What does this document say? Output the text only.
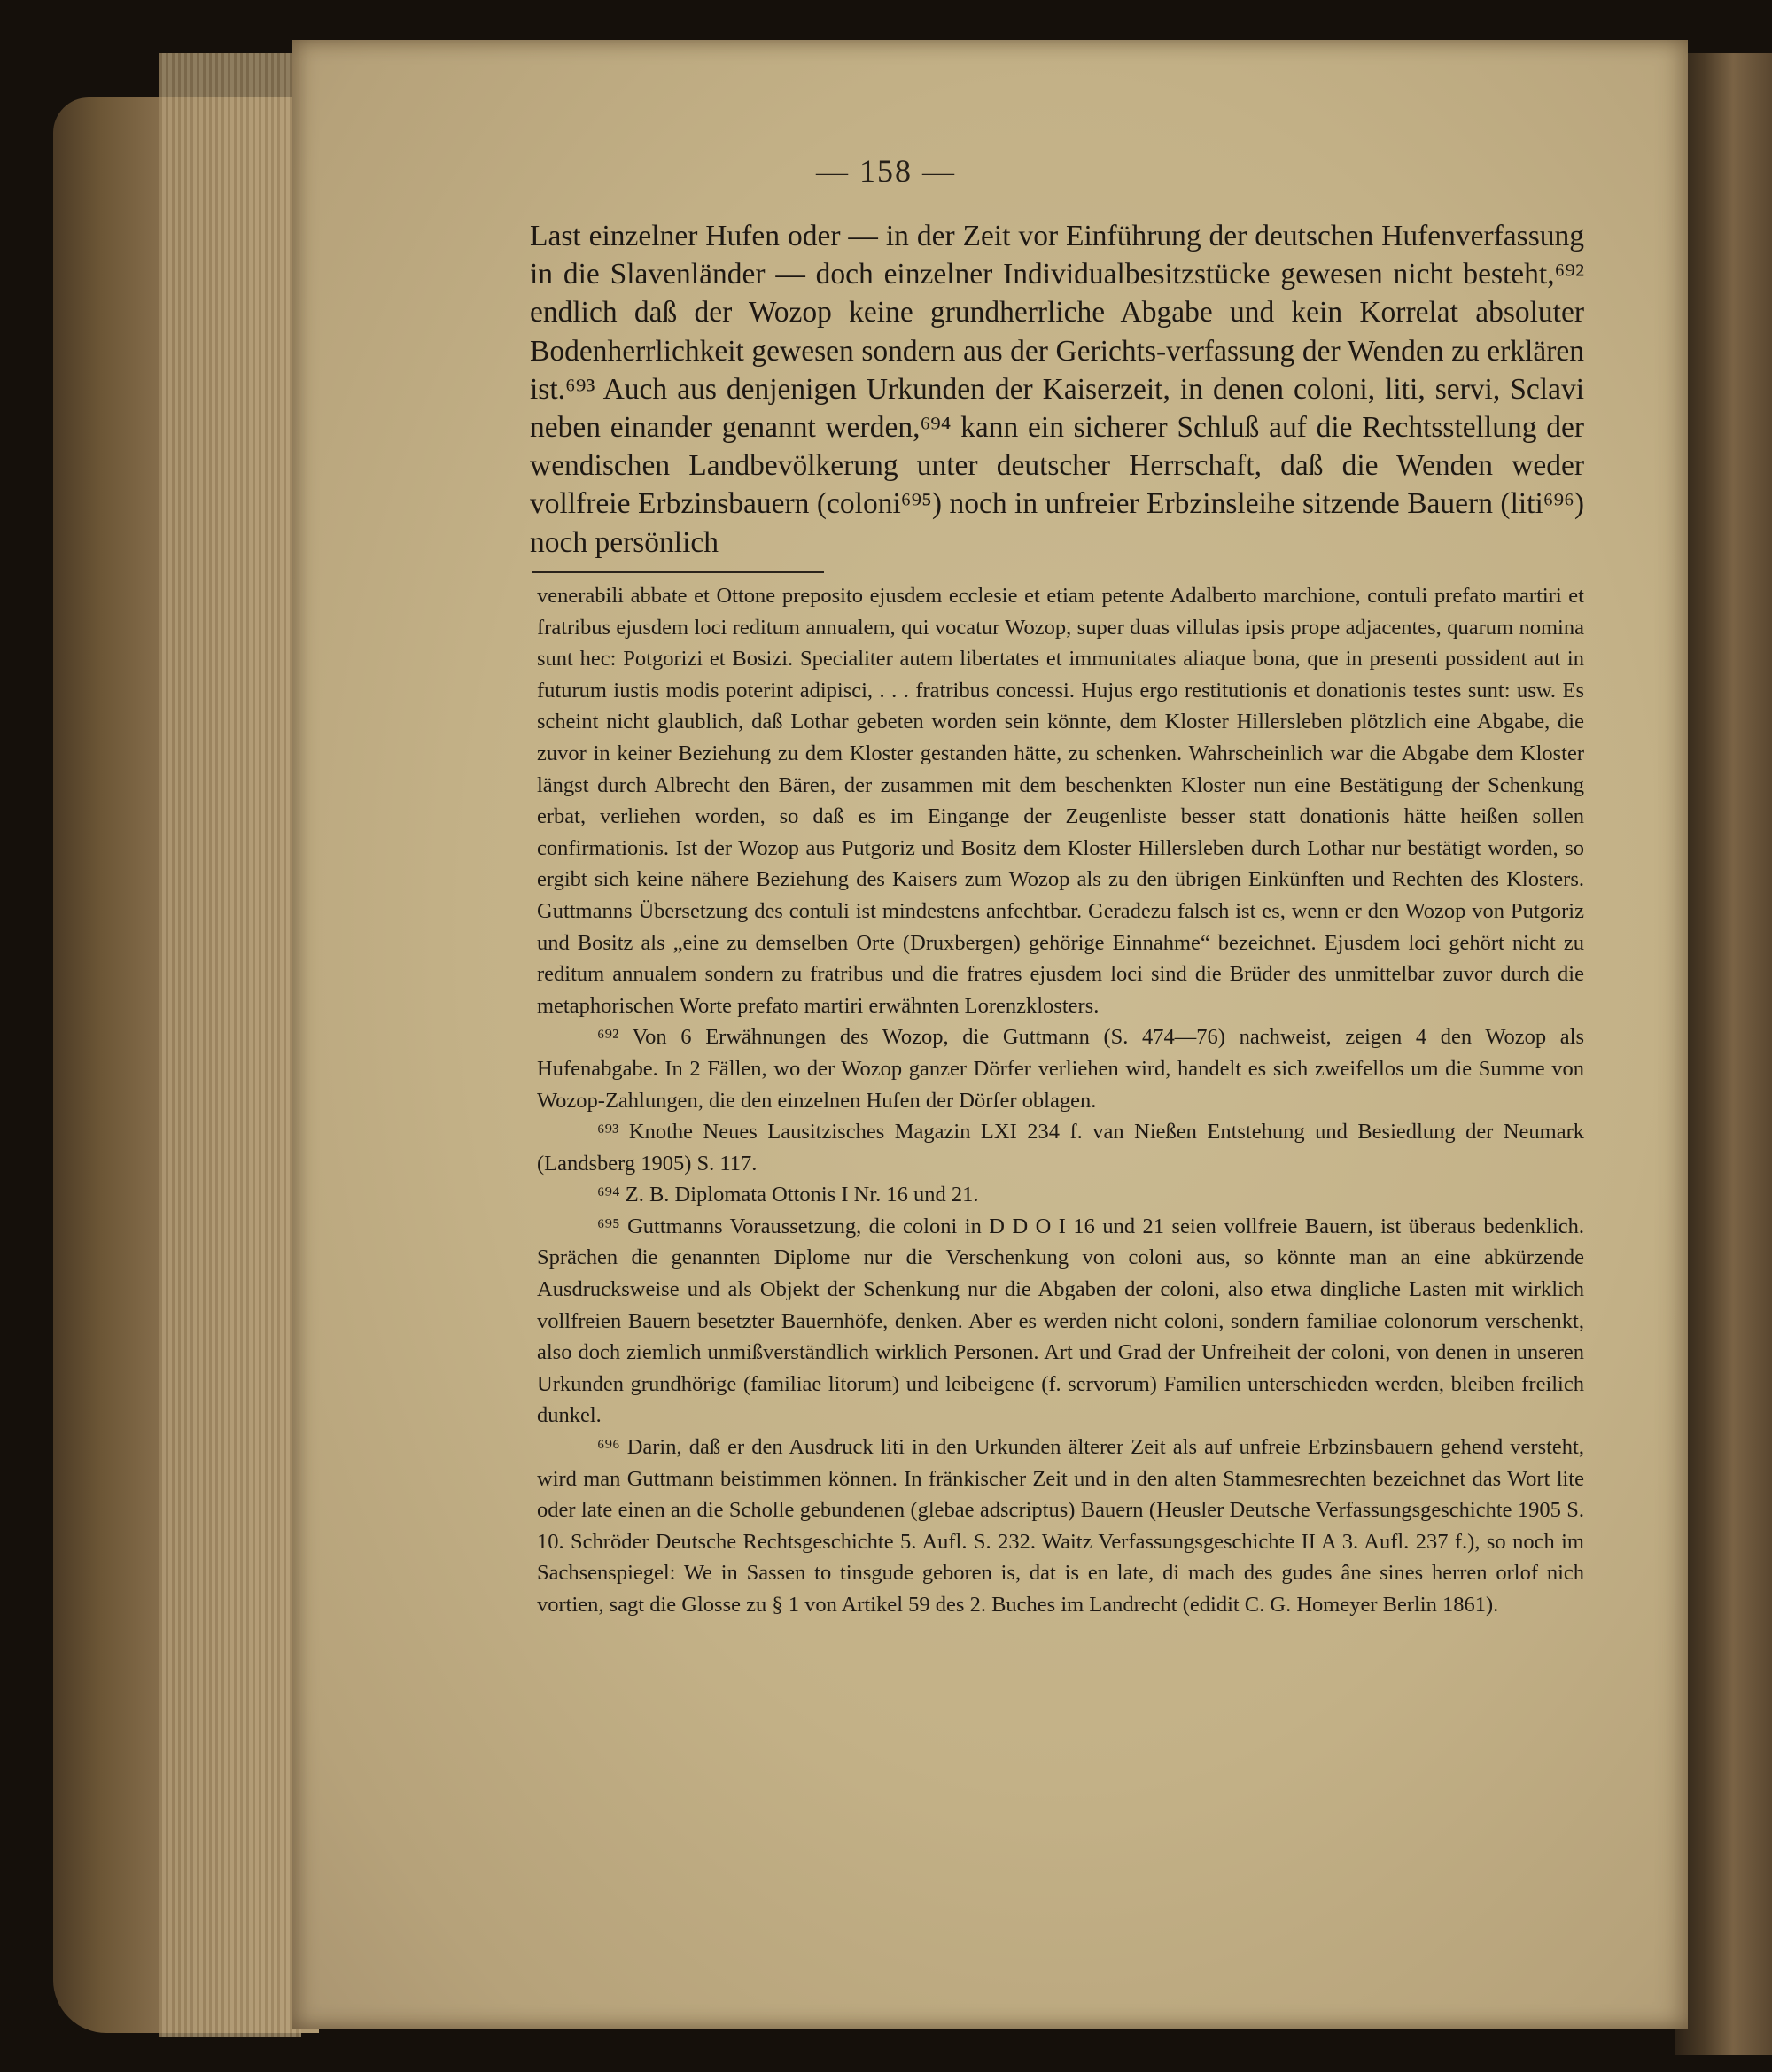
— 158 —

Last einzelner Hufen oder — in der Zeit vor Einführung der deutschen Hufenverfassung in die Slavenländer — doch einzelner Individualbesitzstücke gewesen nicht besteht,⁶⁹² endlich daß der Wozop keine grundherrliche Abgabe und kein Korrelat absoluter Bodenherrlichkeit gewesen sondern aus der Gerichts-verfassung der Wenden zu erklären ist.⁶⁹³ Auch aus denjenigen Urkunden der Kaiserzeit, in denen coloni, liti, servi, Sclavi neben einander genannt werden,⁶⁹⁴ kann ein sicherer Schluß auf die Rechtsstellung der wendischen Landbevölkerung unter deutscher Herrschaft, daß die Wenden weder vollfreie Erbzinsbauern (coloni⁶⁹⁵) noch in unfreier Erbzinsleihe sitzende Bauern (liti⁶⁹⁶) noch persönlich

venerabili abbate et Ottone preposito ejusdem ecclesie et etiam petente Adalberto marchione, contuli prefato martiri et fratribus ejusdem loci reditum annualem, qui vocatur Wozop, super duas villulas ipsis prope adjacentes, quarum nomina sunt hec: Potgorizi et Bosizi. Specialiter autem libertates et immunitates aliaque bona, que in presenti possident aut in futurum iustis modis poterint adipisci, . . . fratribus concessi. Hujus ergo restitutionis et donationis testes sunt: usw. Es scheint nicht glaublich, daß Lothar gebeten worden sein könnte, dem Kloster Hillersleben plötzlich eine Abgabe, die zuvor in keiner Beziehung zu dem Kloster gestanden hätte, zu schenken. Wahrscheinlich war die Abgabe dem Kloster längst durch Albrecht den Bären, der zusammen mit dem beschenkten Kloster nun eine Bestätigung der Schenkung erbat, verliehen worden, so daß es im Eingange der Zeugenliste besser statt donationis hätte heißen sollen confirmationis. Ist der Wozop aus Putgoriz und Bositz dem Kloster Hillersleben durch Lothar nur bestätigt worden, so ergibt sich keine nähere Beziehung des Kaisers zum Wozop als zu den übrigen Einkünften und Rechten des Klosters. Guttmanns Übersetzung des contuli ist mindestens anfechtbar. Geradezu falsch ist es, wenn er den Wozop von Putgoriz und Bositz als „eine zu demselben Orte (Druxbergen) gehörige Einnahme“ bezeichnet. Ejusdem loci gehört nicht zu reditum annualem sondern zu fratribus und die fratres ejusdem loci sind die Brüder des unmittelbar zuvor durch die metaphorischen Worte prefato martiri erwähnten Lorenzklosters.

⁶⁹² Von 6 Erwähnungen des Wozop, die Guttmann (S. 474—76) nachweist, zeigen 4 den Wozop als Hufenabgabe. In 2 Fällen, wo der Wozop ganzer Dörfer verliehen wird, handelt es sich zweifellos um die Summe von Wozop-Zahlungen, die den einzelnen Hufen der Dörfer oblagen.

⁶⁹³ Knothe Neues Lausitzisches Magazin LXI 234 f. van Nießen Entstehung und Besiedlung der Neumark (Landsberg 1905) S. 117.

⁶⁹⁴ Z. B. Diplomata Ottonis I Nr. 16 und 21.

⁶⁹⁵ Guttmanns Voraussetzung, die coloni in D D O I 16 und 21 seien vollfreie Bauern, ist überaus bedenklich. Sprächen die genannten Diplome nur die Verschenkung von coloni aus, so könnte man an eine abkürzende Ausdrucksweise und als Objekt der Schenkung nur die Abgaben der coloni, also etwa dingliche Lasten mit wirklich vollfreien Bauern besetzter Bauernhöfe, denken. Aber es werden nicht coloni, sondern familiae colonorum verschenkt, also doch ziemlich unmißverständlich wirklich Personen. Art und Grad der Unfreiheit der coloni, von denen in unseren Urkunden grundhörige (familiae litorum) und leibeigene (f. servorum) Familien unterschieden werden, bleiben freilich dunkel.

⁶⁹⁶ Darin, daß er den Ausdruck liti in den Urkunden älterer Zeit als auf unfreie Erbzinsbauern gehend versteht, wird man Guttmann beistimmen können. In fränkischer Zeit und in den alten Stammesrechten bezeichnet das Wort lite oder late einen an die Scholle gebundenen (glebae adscriptus) Bauern (Heusler Deutsche Verfassungsgeschichte 1905 S. 10. Schröder Deutsche Rechtsgeschichte 5. Aufl. S. 232. Waitz Verfassungsgeschichte II A 3. Aufl. 237 f.), so noch im Sachsenspiegel: We in Sassen to tinsgude geboren is, dat is en late, di mach des gudes âne sines herren orlof nich vortien, sagt die Glosse zu § 1 von Artikel 59 des 2. Buches im Landrecht (edidit C. G. Homeyer Berlin 1861).
